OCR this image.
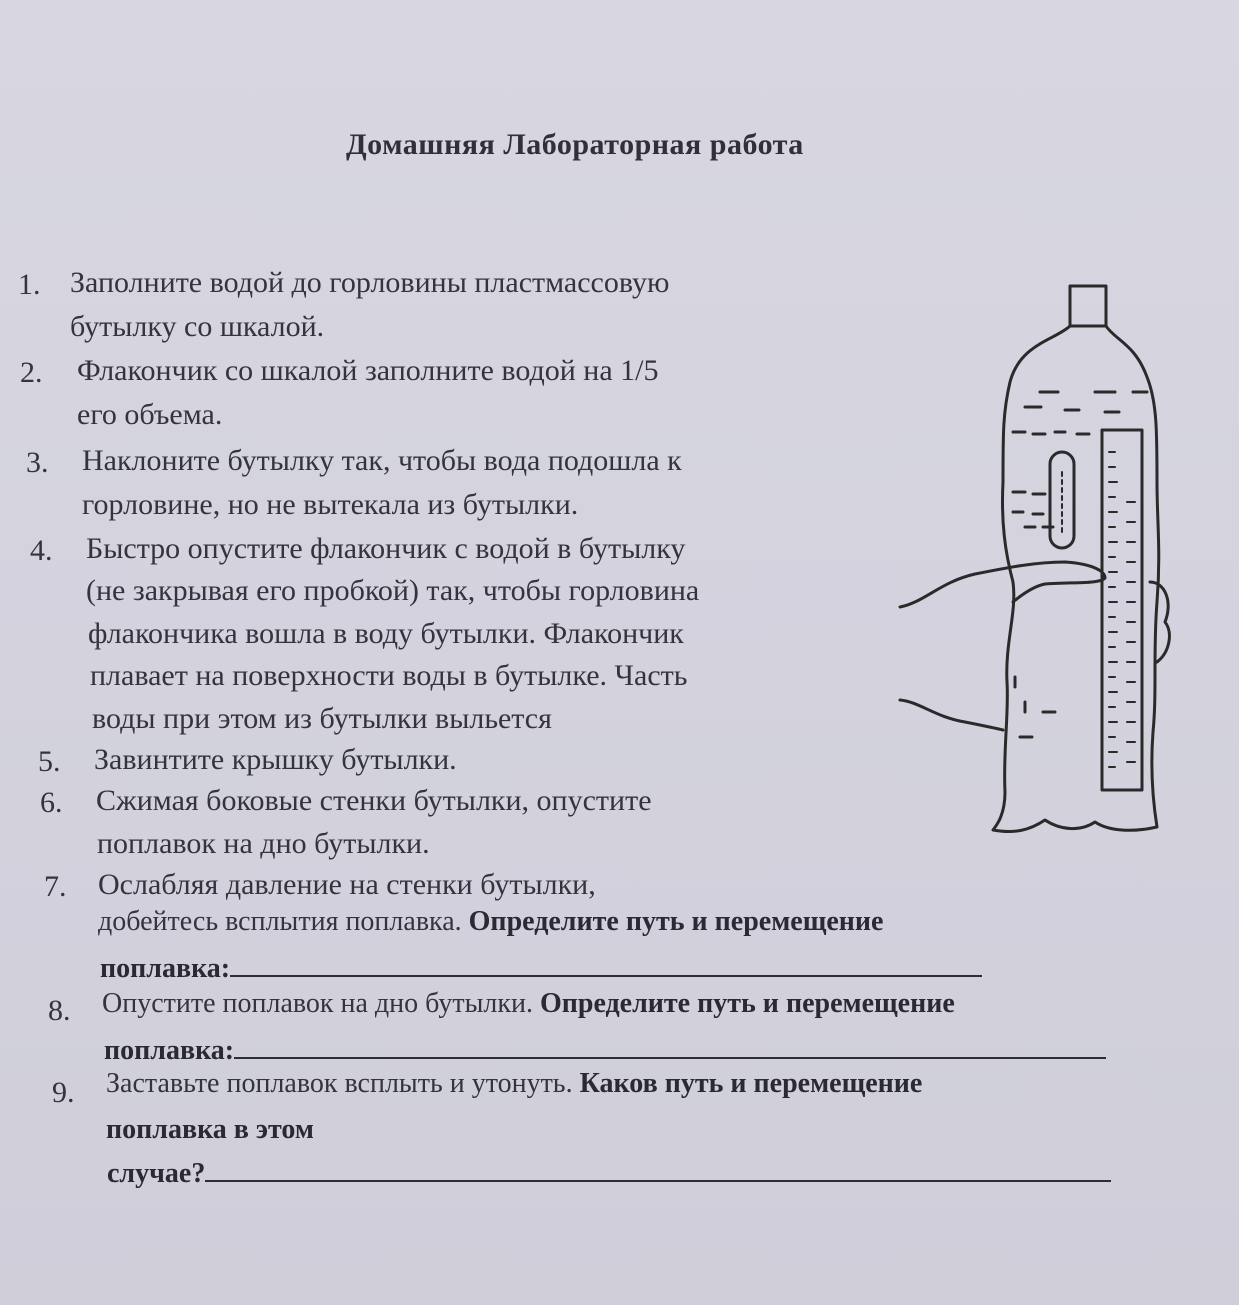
Домашняя Лабораторная работа
1. Заполните водой до горловины пластмассовую
бутылку со шкалой.
2. Флакончик со шкалой заполните водой на 1/5
его объема.
3. Наклоните бутылку так, чтобы вода подошла к
горловине, но не вытекала из бутылки.
4. Быстро опустите флакончик с водой в бутылку
(не закрывая его пробкой) так, чтобы горловина
флакончика вошла в воду бутылки. Флакончик
плавает на поверхности воды в бутылке. Часть
воды при этом из бутылки выльется
5. Завинтите крышку бутылки.
6. Сжимая боковые стенки бутылки, опустите
поплавок на дно бутылки.
7. Ослабляя давление на стенки бутылки,
добейтесь всплытия поплавка. Определите путь и перемещение
поплавка:
8. Опустите поплавок на дно бутылки. Определите путь и перемещение
поплавка:
9. Заставьте поплавок всплыть и утонуть. Каков путь и перемещение
поплавка в этом
случае?
